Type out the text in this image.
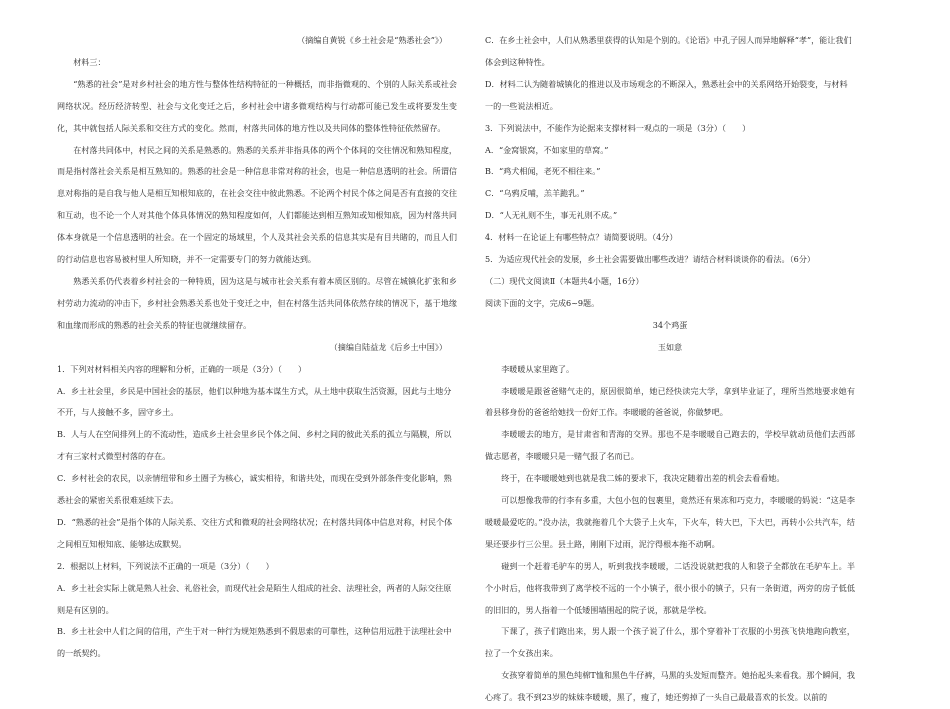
（摘编自黄锐《乡土社会是“熟悉社会”》）

材料三：

“熟悉的社会”是对乡村社会的地方性与整体性结构特征的一种概括，而非指微观的、个别的人际关系或社会网络状况。经历经济转型、社会与文化变迁之后，乡村社会中诸多微观结构与行动都可能已发生或将要发生变化，其中就包括人际关系和交往方式的变化。然而，村落共同体的地方性以及共同体的整体性特征依然留存。

在村落共同体中，村民之间的关系是熟悉的。熟悉的关系并非指具体的两个个体间的交往情况和熟知程度，而是指村落社会关系是相互熟知的。熟悉的社会是一种信息非常对称的社会，也是一种信息透明的社会。所谓信息对称指的是自我与他人是相互知根知底的，在社会交往中彼此熟悉。不论两个村民个体之间是否有直接的交往和互动，也不论一个人对其他个体具体情况的熟知程度如何，人们都能达到相互熟知或知根知底，因为村落共同体本身就是一个信息透明的社会。在一个固定的场域里，个人及其社会关系的信息其实是有目共睹的，而且人们的行动信息也容易被村里人所知晓，并不一定需要专门的努力就能达到。

熟悉关系仍代表着乡村社会的一种特质，因为这是与城市社会关系有着本质区别的。尽管在城镇化扩张和乡村劳动力流动的冲击下，乡村社会熟悉关系也处于变迁之中，但在村落生活共同体依然存续的情况下，基于地缘和血缘而形成的熟悉的社会关系的特征也就继续留存。

（摘编自陆益龙《后乡土中国》）

1．下列对材料相关内容的理解和分析，正确的一项是（3分）（　　）

A．乡土社会里，乡民是中国社会的基层，他们以种地为基本谋生方式，从土地中获取生活资源，因此与土地分不开，与人接触不多，固守乡土。

B．人与人在空间排列上的不流动性，造成乡土社会里乡民个体之间、乡村之间的彼此关系的孤立与隔膜，所以才有三家村式微型村落的存在。

C．乡村社会的农民，以亲情纽带和乡土圈子为核心，诚实相待，和谐共处，而现在受到外部条件变化影响，熟悉社会的紧密关系很难延续下去。

D．“熟悉的社会”是指个体的人际关系、交往方式和微观的社会网络状况；在村落共同体中信息对称，村民个体之间相互知根知底、能够达成默契。

2．根据以上材料，下列说法不正确的一项是（3分）（　　）

A．乡土社会实际上就是熟人社会、礼俗社会，而现代社会是陌生人组成的社会、法理社会，两者的人际交往原则是有区别的。

B．乡土社会中人们之间的信用，产生于对一种行为规矩熟悉到不假思索的可靠性，这种信用远胜于法理社会中的一纸契约。

C．在乡土社会中，人们从熟悉里获得的认知是个别的。《论语》中孔子因人而异地解释“孝”，能让我们体会到这种特性。

D．材料二认为随着城镇化的推进以及市场观念的不断深入，熟悉社会中的关系网络开始裂变，与材料一的一些说法相近。

3．下列说法中，不能作为论据来支撑材料一观点的一项是（3分）（　　）

A．“金窝银窝，不如家里的草窝。”

B．“鸡犬相闻，老死不相往来。”

C．“乌鸦反哺，羔羊跪乳。”

D．“人无礼则不生，事无礼则不成。”

4．材料一在论证上有哪些特点？请简要说明。（4分）

5．为适应现代社会的发展，乡土社会需要做出哪些改进？请结合材料谈谈你的看法。（6分）

（二）现代文阅读Ⅱ（本题共4小题，16分）

阅读下面的文字，完成6~9题。

34个鸡蛋

玉如意

李暖暖从家里跑了。

李暖暖是跟爸爸赌气走的，原因很简单，她已经快读完大学，拿到毕业证了，理所当然地要求她有着县移身份的爸爸给她找一份好工作。李暖暖的爸爸说，你做梦吧。

李暖暖去的地方，是甘肃省和青海的交界。那也不是李暖暖自己跑去的，学校早就动员他们去西部做志愿者，李暖暖只是一赌气报了名而已。

终于，在李暖暖她到也就是我二姊的要求下，我决定随着出差的机会去看看她。

可以想像我带的行李有多重，大包小包的包裹里，竟然还有果冻和巧克力，李暖暖的妈说：“这是李暖暖最爱吃的。”没办法，我就拖着几个大袋子上火车，下火车，转大巴，下大巴，再转小公共汽车，结果还要步行三公里。县土路，刚刚下过雨，泥泞得根本拖不动啊。

碰到一个赶着毛驴车的男人，听到我找李暖暖，二话没说就把我的人和袋子全都放在毛驴车上。半个小时后，他将我带到了离学校不远的一个小镇子，很小很小的镇子，只有一条街道，两旁的房子低低的旧旧的，男人指着一个低矮围墙围起的院子说，那就是学校。

下课了，孩子们跑出来，男人跟一个孩子说了什么，那个穿着补丁衣服的小男孩飞快地跑向教室，拉了一个女孩出来。

女孩穿着简单的黑色纯棉T恤和黑色牛仔裤，马黑的头发短而整齐。她抬起头来看我。那个瞬间，我心疼了。我不到23岁的妹妹李暖暖，黑了，瘦了，她还剪掉了一头自己最最喜欢的长发。以前的
